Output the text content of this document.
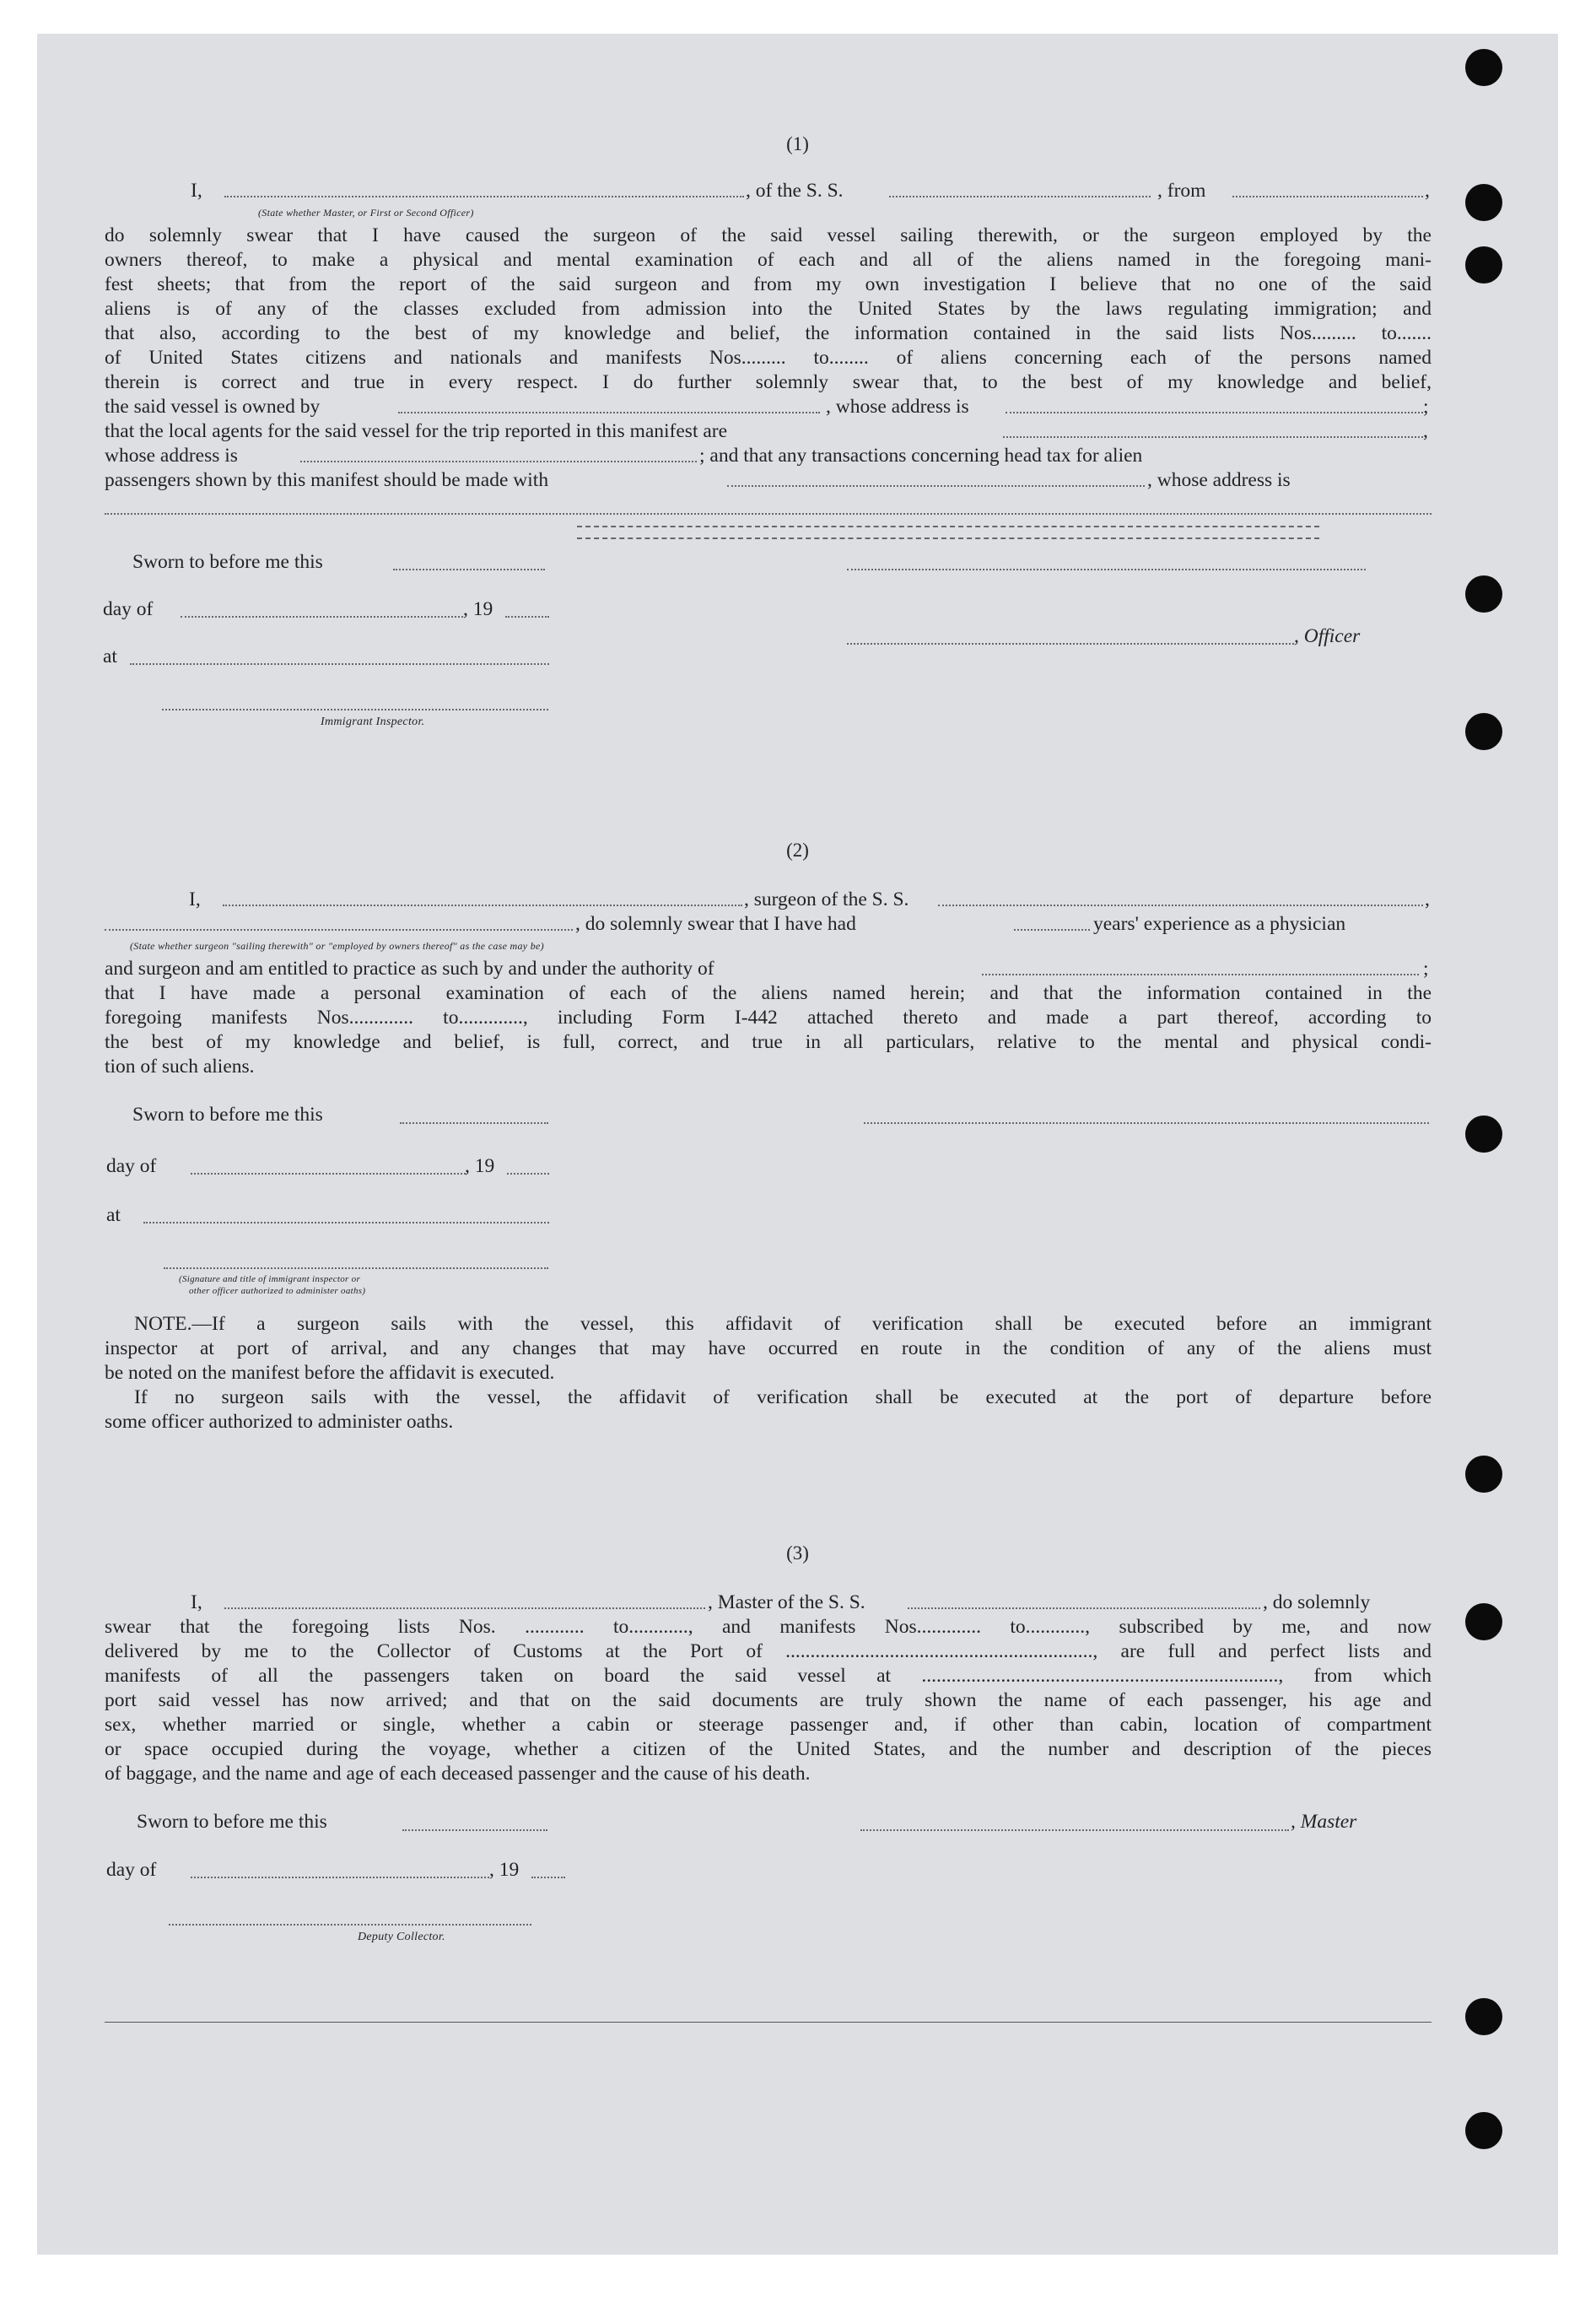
(1)
I,	, of the S. S.	, from	,
(State whether Master, or First or Second Officer)
do solemnly swear that I have caused the surgeon of the said vessel sailing therewith, or the surgeon employed by the
owners thereof, to make a physical and mental examination of each and all of the aliens named in the foregoing mani-
fest sheets; that from the report of the said surgeon and from my own investigation I believe that no one of the said
aliens is of any of the classes excluded from admission into the United States by the laws regulating immigration; and
that also, according to the best of my knowledge and belief, the information contained in the said lists Nos......... to.......
of United States citizens and nationals and manifests Nos......... to........ of aliens concerning each of the persons named
therein is correct and true in every respect. I do further solemnly swear that, to the best of my knowledge and belief,
the said vessel is owned by	, whose address is	;
that the local agents for the said vessel for the trip reported in this manifest are	,
whose address is	; and that any transactions concerning head tax for alien
passengers shown by this manifest should be made with	, whose address is
Sworn to before me this
day of	, 19
, Officer
at
Immigrant Inspector.
(2)
I,	, surgeon of the S. S.	,
, do solemnly swear that I have had	years' experience as a physician
(State whether surgeon "sailing therewith" or "employed by owners thereof" as the case may be)
and surgeon and am entitled to practice as such by and under the authority of	;
that I have made a personal examination of each of the aliens named herein; and that the information contained in the
foregoing manifests Nos............. to............., including Form I-442 attached thereto and made a part thereof, according to
the best of my knowledge and belief, is full, correct, and true in all particulars, relative to the mental and physical condi-
tion of such aliens.
Sworn to before me this
day of	, 19
at
(Signature and title of immigrant inspector or
other officer authorized to administer oaths)
NOTE.—If a surgeon sails with the vessel, this affidavit of verification shall be executed before an immigrant
inspector at port of arrival, and any changes that may have occurred en route in the condition of any of the aliens must
be noted on the manifest before the affidavit is executed.
If no surgeon sails with the vessel, the affidavit of verification shall be executed at the port of departure before
some officer authorized to administer oaths.
(3)
I,	, Master of the S. S.	, do solemnly
swear that the foregoing lists Nos. ............ to............, and manifests Nos............. to............, subscribed by me, and now
delivered by me to the Collector of Customs at the Port of .............................................................., are full and perfect lists and
manifests of all the passengers taken on board the said vessel at ........................................................................, from which
port said vessel has now arrived; and that on the said documents are truly shown the name of each passenger, his age and
sex, whether married or single, whether a cabin or steerage passenger and, if other than cabin, location of compartment
or space occupied during the voyage, whether a citizen of the United States, and the number and description of the pieces
of baggage, and the name and age of each deceased passenger and the cause of his death.
Sworn to before me this	, Master
day of	, 19
Deputy Collector.
